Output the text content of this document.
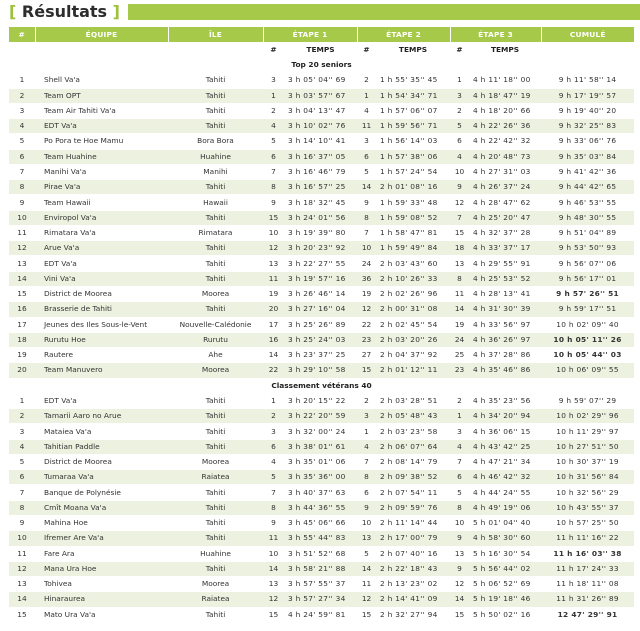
[ Résultats ]
#	ÉQUIPE	ÎLE	ÉTAPE 1		ÉTAPE 2		ÉTAPE 3		CUMULÉ
			#	TEMPS	#	TEMPS	#	TEMPS	
Top 20 seniors									
1	Shell Va'a	Tahiti	3	3 h 05' 04'' 69	2	1 h 55' 35'' 45	1	4 h 11' 18'' 00	9 h 11' 58'' 14
2	Team OPT	Tahiti	1	3 h 03' 57'' 67	1	1 h 54' 34'' 71	3	4 h 18' 47'' 19	9 h 17' 19'' 57
3	Team Air Tahiti Va'a	Tahiti	2	3 h 04' 13'' 47	4	1 h 57' 06'' 07	2	4 h 18' 20'' 66	9 h 19' 40'' 20
4	EDT Va'a	Tahiti	4	3 h 10' 02'' 76	11	1 h 59' 56'' 71	5	4 h 22' 26'' 36	9 h 32' 25'' 83
5	Po Pora te Hoe Mamu	Bora Bora	5	3 h 14' 10'' 41	3	1 h 56' 14'' 03	6	4 h 22' 42'' 32	9 h 33' 06'' 76
6	Team Huahine	Huahine	6	3 h 16' 37'' 05	6	1 h 57' 38'' 06	4	4 h 20' 48'' 73	9 h 35' 03'' 84
7	Manihi Va'a	Manihi	7	3 h 16' 46'' 79	5	1 h 57' 24'' 54	10	4 h 27' 31'' 03	9 h 41' 42'' 36
8	Pirae Va'a	Tahiti	8	3 h 16' 57'' 25	14	2 h 01' 08'' 16	9	4 h 26' 37'' 24	9 h 44' 42'' 65
9	Team Hawaii	Hawaii	9	3 h 18' 32'' 45	9	1 h 59' 33'' 48	12	4 h 28' 47'' 62	9 h 46' 53'' 55
10	Enviropol Va'a	Tahiti	15	3 h 24' 01'' 56	8	1 h 59' 08'' 52	7	4 h 25' 20'' 47	9 h 48' 30'' 55
11	Rimatara Va'a	Rimatara	10	3 h 19' 39'' 80	7	1 h 58' 47'' 81	15	4 h 32' 37'' 28	9 h 51' 04'' 89
12	Arue Va'a	Tahiti	12	3 h 20' 23'' 92	10	1 h 59' 49'' 84	18	4 h 33' 37'' 17	9 h 53' 50'' 93
13	EDT Va'a	Tahiti	13	3 h 22' 27'' 55	24	2 h 03' 43'' 60	13	4 h 29' 55'' 91	9 h 56' 07'' 06
14	Vini Va'a	Tahiti	11	3 h 19' 57'' 16	36	2 h 10' 26'' 33	8	4 h 25' 53'' 52	9 h 56' 17'' 01
15	District de Moorea	Moorea	19	3 h 26' 46'' 14	19	2 h 02' 26'' 96	11	4 h 28' 13'' 41	9 h 57' 26'' 51
16	Brasserie de Tahiti	Tahiti	20	3 h 27' 16'' 04	12	2 h 00' 31'' 08	14	4 h 31' 30'' 39	9 h 59' 17'' 51
17	Jeunes des Iles Sous-le-Vent	Nouvelle-Calédonie	17	3 h 25' 26'' 89	22	2 h 02' 45'' 54	19	4 h 33' 56'' 97	10 h 02' 09'' 40
18	Rurutu Hoe	Rurutu	16	3 h 25' 24'' 03	23	2 h 03' 20'' 26	24	4 h 36' 26'' 97	10 h 05' 11'' 26
19	Rautere	Ahe	14	3 h 23' 37'' 25	27	2 h 04' 37'' 92	25	4 h 37' 28'' 86	10 h 05' 44'' 03
20	Team Manuvero	Moorea	22	3 h 29' 10'' 58	15	2 h 01' 12'' 11	23	4 h 35' 46'' 86	10 h 06' 09'' 55
Classement vétérans 40									
1	EDT Va'a	Tahiti	1	3 h 20' 15'' 22	2	2 h 03' 28'' 51	2	4 h 35' 23'' 56	9 h 59' 07'' 29
2	Tamarii Aaro no Arue	Tahiti	2	3 h 22' 20'' 59	3	2 h 05' 48'' 43	1	4 h 34' 20'' 94	10 h 02' 29'' 96
3	Mataiea Va'a	Tahiti	3	3 h 32' 00'' 24	1	2 h 03' 23'' 58	3	4 h 36' 06'' 15	10 h 11' 29'' 97
4	Tahitian Paddle	Tahiti	6	3 h 38' 01'' 61	4	2 h 06' 07'' 64	4	4 h 43' 42'' 25	10 h 27' 51'' 50
5	District de Moorea	Moorea	4	3 h 35' 01'' 06	7	2 h 08' 14'' 79	7	4 h 47' 21'' 34	10 h 30' 37'' 19
6	Tumaraa Va'a	Raiatea	5	3 h 35' 36'' 00	8	2 h 09' 38'' 52	6	4 h 46' 42'' 32	10 h 31' 56'' 84
7	Banque de Polynésie	Tahiti	7	3 h 40' 37'' 63	6	2 h 07' 54'' 11	5	4 h 44' 24'' 55	10 h 32' 56'' 29
8	Cmît Moana Va'a	Tahiti	8	3 h 44' 36'' 55	9	2 h 09' 59'' 76	8	4 h 49' 19'' 06	10 h 43' 55'' 37
9	Mahina Hoe	Tahiti	9	3 h 45' 06'' 66	10	2 h 11' 14'' 44	10	5 h 01' 04'' 40	10 h 57' 25'' 50
10	Ifremer Are Va'a	Tahiti	11	3 h 55' 44'' 83	13	2 h 17' 00'' 79	9	4 h 58' 30'' 60	11 h 11' 16'' 22
11	Fare Ara	Huahine	10	3 h 51' 52'' 68	5	2 h 07' 40'' 16	13	5 h 16' 30'' 54	11 h 16' 03'' 38
12	Mana Ura Hoe	Tahiti	14	3 h 58' 21'' 88	14	2 h 22' 18'' 43	9	5 h 56' 44'' 02	11 h 17' 24'' 33
13	Tohivea	Moorea	13	3 h 57' 55'' 37	11	2 h 13' 23'' 02	12	5 h 06' 52'' 69	11 h 18' 11'' 08
14	Hinaraurea	Raiatea	12	3 h 57' 27'' 34	12	2 h 14' 41'' 09	14	5 h 19' 18'' 46	11 h 31' 26'' 89
15	Mato Ura Va'a	Tahiti	15	4 h 24' 59'' 81	15	2 h 32' 27'' 94	15	5 h 50' 02'' 16	12 47' 29'' 91
